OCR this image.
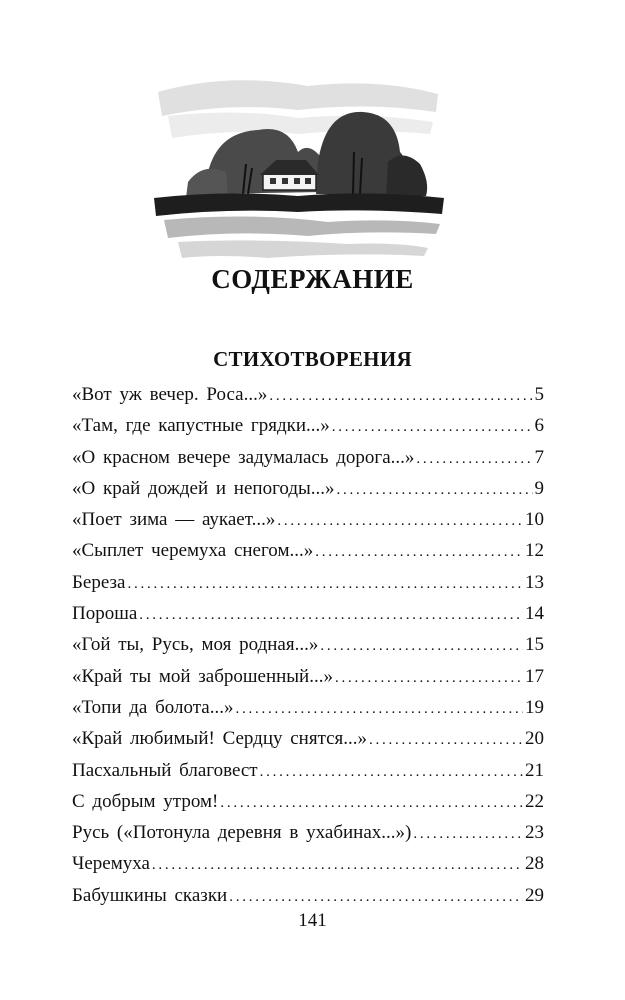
СОДЕРЖАНИЕ
СТИХОТВОРЕНИЯ
«Вот уж вечер. Роса...» . . .	5
«Там, где капустные грядки...» . . .	6
«О красном вечере задумалась дорога...» . . .	7
«О край дождей и непогоды...» . . .	9
«Поет зима — аукает...» . . .	10
«Сыплет черемуха снегом...» . . .	12
Береза . . .	13
Пороша . . .	14
«Гой ты, Русь, моя родная...» . . .	15
«Край ты мой заброшенный...» . . .	17
«Топи да болота...» . . .	19
«Край любимый! Сердцу снятся...» . . .	20
Пасхальный благовест . . .	21
С добрым утром! . . .	22
Русь («Потонула деревня в ухабинах...») . . .	23
Черемуха . . .	28
Бабушкины сказки . . .	29
141
